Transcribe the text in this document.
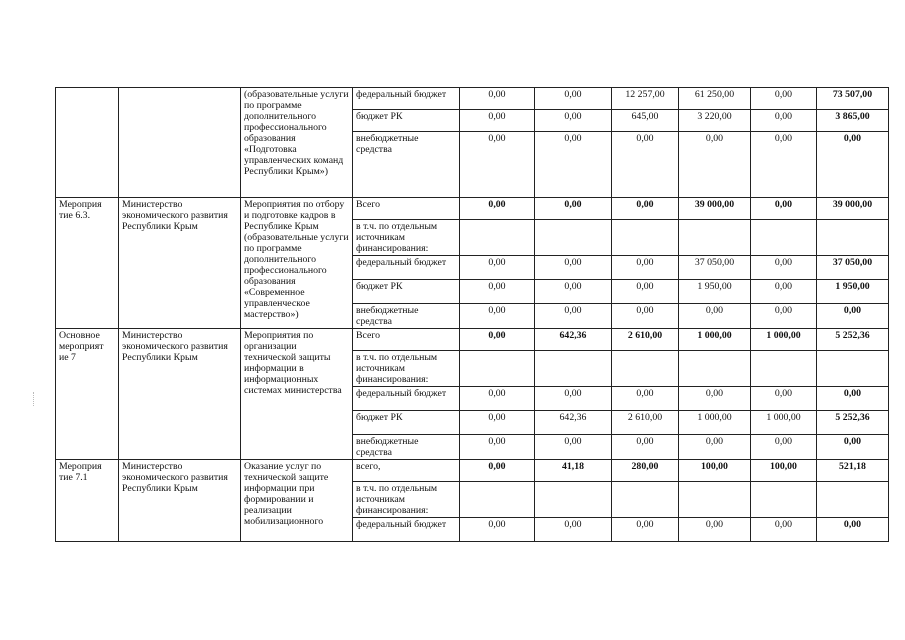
		(образовательные услуги по программе дополнительного профессионального образования «Подготовка управленческих команд Республики Крым»)	федеральный бюджет	0,00	0,00	12 257,00	61 250,00	0,00	73 507,00
			бюджет РК	0,00	0,00	645,00	3 220,00	0,00	3 865,00
			внебюджетные средства	0,00	0,00	0,00	0,00	0,00	0,00
Мероприя тие 6.3.	Министерство экономического развития Республики Крым	Мероприятия по отбору и подготовке кадров в Республике Крым (образовательные услуги по программе дополнительного профессионального образования «Современное управленческое мастерство»)	Всего	0,00	0,00	0,00	39 000,00	0,00	39 000,00
			в т.ч. по отдельным источникам финансирования:						
			федеральный бюджет	0,00	0,00	0,00	37 050,00	0,00	37 050,00
			бюджет РК	0,00	0,00	0,00	1 950,00	0,00	1 950,00
			внебюджетные средства	0,00	0,00	0,00	0,00	0,00	0,00
Основное мероприят ие 7	Министерство экономического развития Республики Крым	Мероприятия по организации технической защиты информации в информационных системах министерства	Всего	0,00	642,36	2 610,00	1 000,00	1 000,00	5 252,36
			в т.ч. по отдельным источникам финансирования:						
			федеральный бюджет	0,00	0,00	0,00	0,00	0,00	0,00
			бюджет РК	0,00	642,36	2 610,00	1 000,00	1 000,00	5 252,36
			внебюджетные средства	0,00	0,00	0,00	0,00	0,00	0,00
Мероприя тие 7.1	Министерство экономического развития Республики Крым	Оказание услуг по технической защите информации при формировании и реализации мобилизационного	всего,	0,00	41,18	280,00	100,00	100,00	521,18
			в т.ч. по отдельным источникам финансирования:						
			федеральный бюджет	0,00	0,00	0,00	0,00	0,00	0,00
